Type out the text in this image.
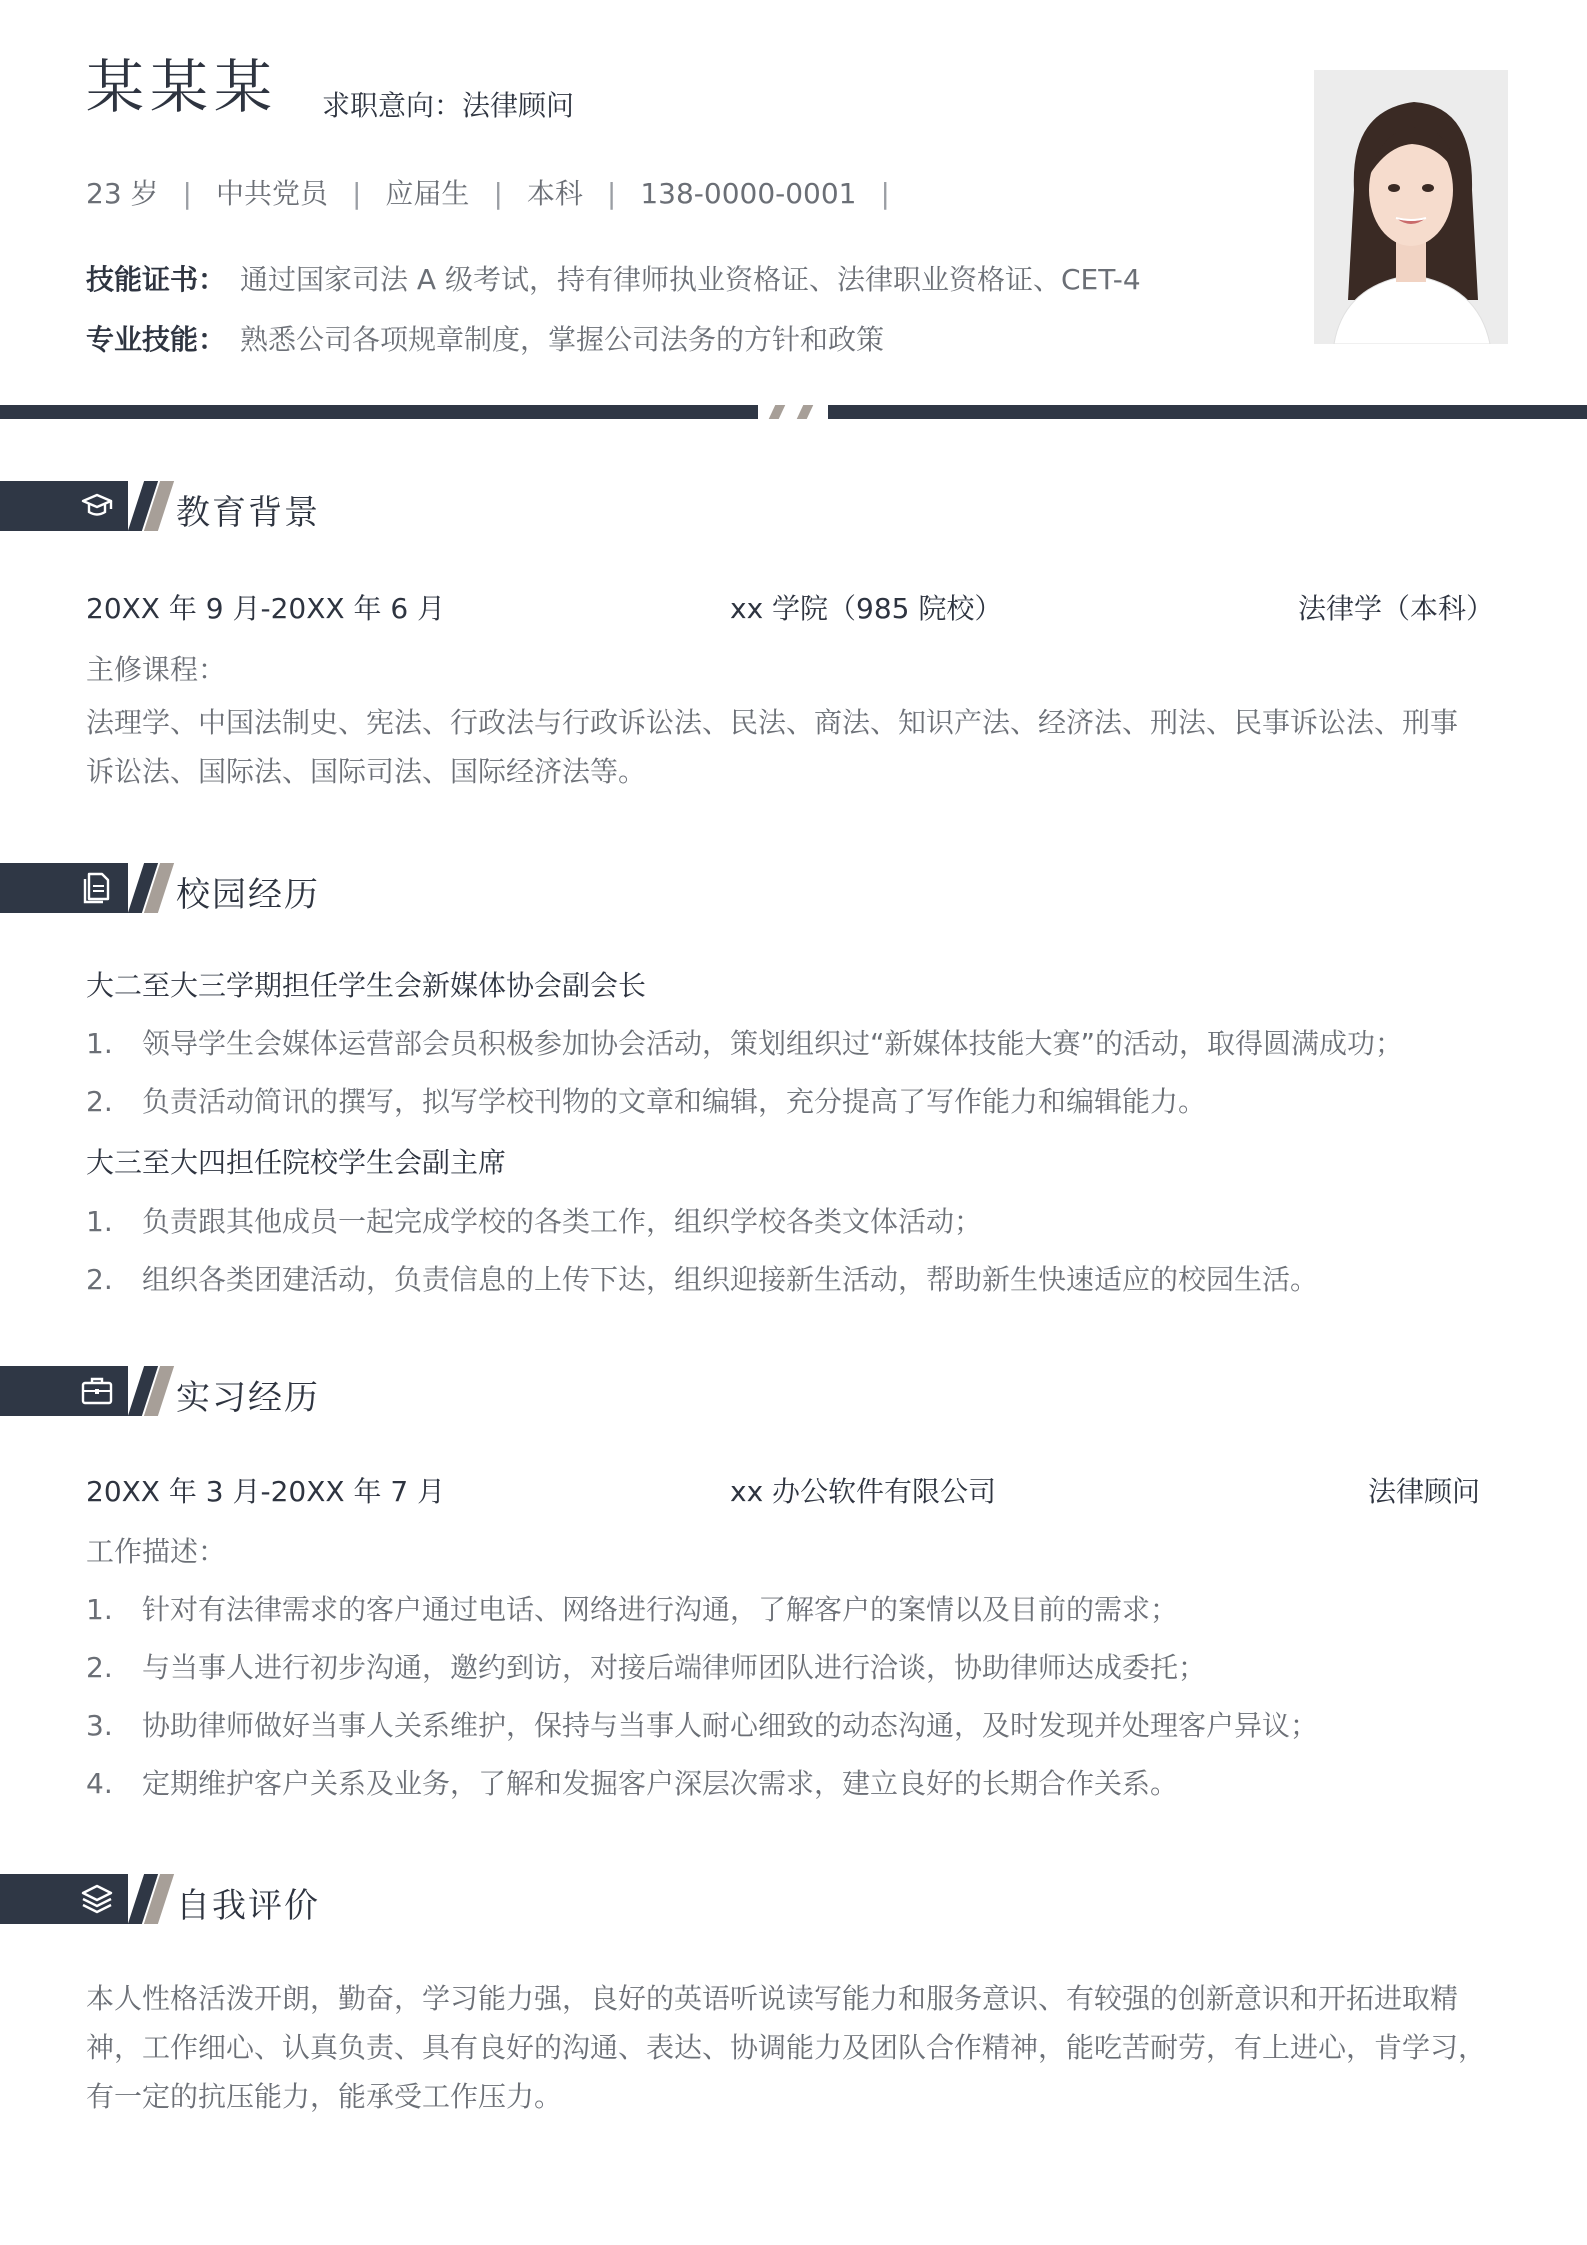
某某某 求职意向：法律顾问
23 岁 | 中共党员 | 应届生 | 本科 | 138-0000-0001 |
技能证书： 通过国家司法 A 级考试，持有律师执业资格证、法律职业资格证、CET-4
专业技能： 熟悉公司各项规章制度，掌握公司法务的方针和政策
教育背景
20XX 年 9 月-20XX 年 6 月	xx 学院（985 院校）	法律学（本科）
主修课程：
法理学、中国法制史、宪法、行政法与行政诉讼法、民法、商法、知识产法、经济法、刑法、民事诉讼法、刑事
诉讼法、国际法、国际司法、国际经济法等。
校园经历
大二至大三学期担任学生会新媒体协会副会长
1. 领导学生会媒体运营部会员积极参加协会活动，策划组织过“新媒体技能大赛”的活动，取得圆满成功；
2. 负责活动简讯的撰写，拟写学校刊物的文章和编辑，充分提高了写作能力和编辑能力。
大三至大四担任院校学生会副主席
1. 负责跟其他成员一起完成学校的各类工作，组织学校各类文体活动；
2. 组织各类团建活动，负责信息的上传下达，组织迎接新生活动，帮助新生快速适应的校园生活。
实习经历
20XX 年 3 月-20XX 年 7 月	xx 办公软件有限公司	法律顾问
工作描述：
1. 针对有法律需求的客户通过电话、网络进行沟通，了解客户的案情以及目前的需求；
2. 与当事人进行初步沟通，邀约到访，对接后端律师团队进行洽谈，协助律师达成委托；
3. 协助律师做好当事人关系维护，保持与当事人耐心细致的动态沟通，及时发现并处理客户异议；
4. 定期维护客户关系及业务，了解和发掘客户深层次需求，建立良好的长期合作关系。
自我评价
本人性格活泼开朗，勤奋，学习能力强，良好的英语听说读写能力和服务意识、有较强的创新意识和开拓进取精
神，工作细心、认真负责、具有良好的沟通、表达、协调能力及团队合作精神，能吃苦耐劳，有上进心，肯学习，
有一定的抗压能力，能承受工作压力。
